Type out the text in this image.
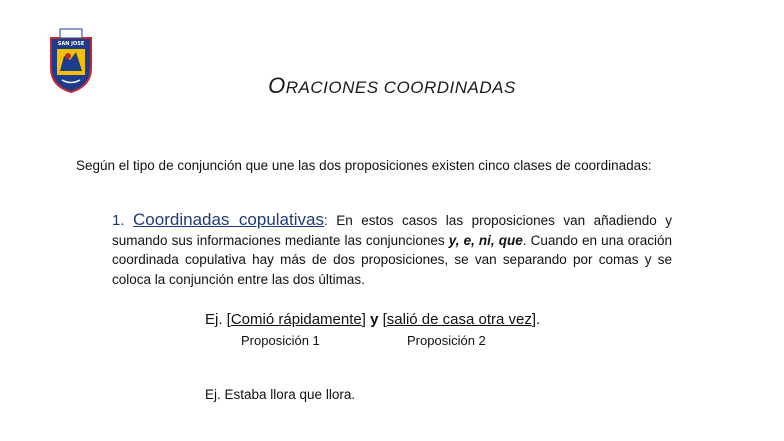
SAN JOSE
ORACIONES COORDINADAS

Según el tipo de conjunción que une las dos proposiciones existen cinco clases de coordinadas:

1. Coordinadas copulativas: En estos casos las proposiciones van añadiendo y sumando sus informaciones mediante las conjunciones y, e, ni, que. Cuando en una oración coordinada copulativa hay más de dos proposiciones, se van separando por comas y se coloca la conjunción entre las dos últimas.

Ej. [Comió rápidamente] y [salió de casa otra vez].
Proposición 1	Proposición 2
Ej. Estaba llora que llora.
